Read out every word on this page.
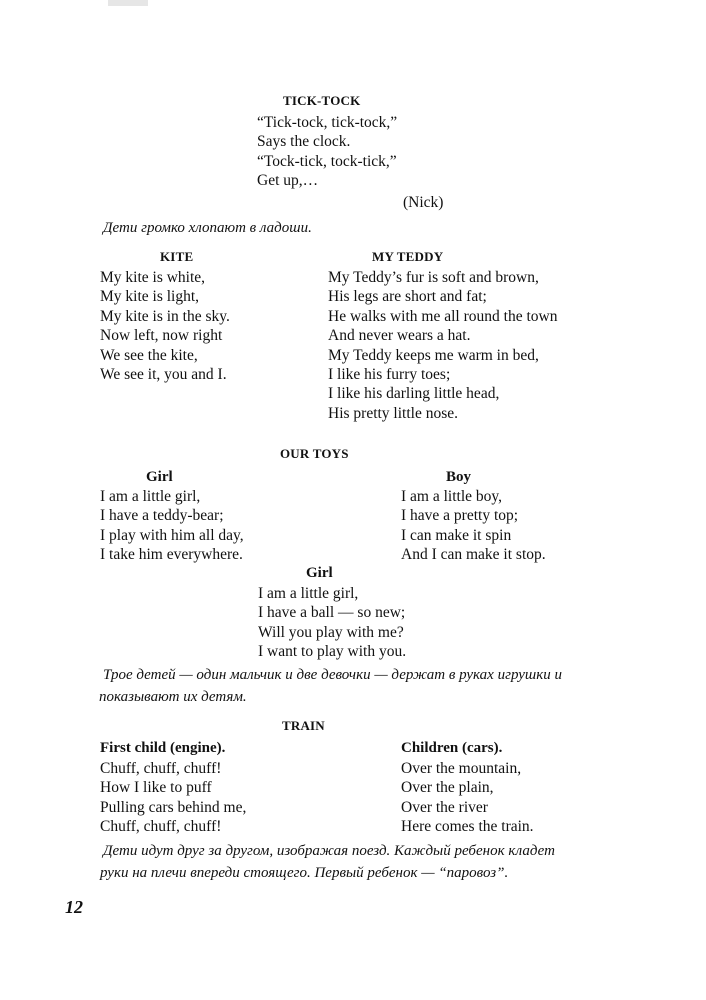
TICK-TOCK
“Tick-tock, tick-tock,”
Says the clock.
“Tock-tick, tock-tick,”
Get up,…
(Nick)
Дети громко хлопают в ладоши.
KITE
My kite is white,
My kite is light,
My kite is in the sky.
Now left, now right
We see the kite,
We see it, you and I.
MY TEDDY
My Teddy’s fur is soft and brown,
His legs are short and fat;
He walks with me all round the town
And never wears a hat.
My Teddy keeps me warm in bed,
I like his furry toes;
I like his darling little head,
His pretty little nose.
OUR TOYS
Girl
I am a little girl,
I have a teddy-bear;
I play with him all day,
I take him everywhere.
Boy
I am a little boy,
I have a pretty top;
I can make it spin
And I can make it stop.
Girl
I am a little girl,
I have a ball — so new;
Will you play with me?
I want to play with you.
Трое детей — один мальчик и две девочки — держат в руках игрушки и
показывают их детям.
TRAIN
First child (engine).
Chuff, chuff, chuff!
How I like to puff
Pulling cars behind me,
Chuff, chuff, chuff!
Children (cars).
Over the mountain,
Over the plain,
Over the river
Here comes the train.
Дети идут друг за другом, изображая поезд. Каждый ребенок кладет
руки на плечи впереди стоящего. Первый ребенок — “паровоз”.
12
